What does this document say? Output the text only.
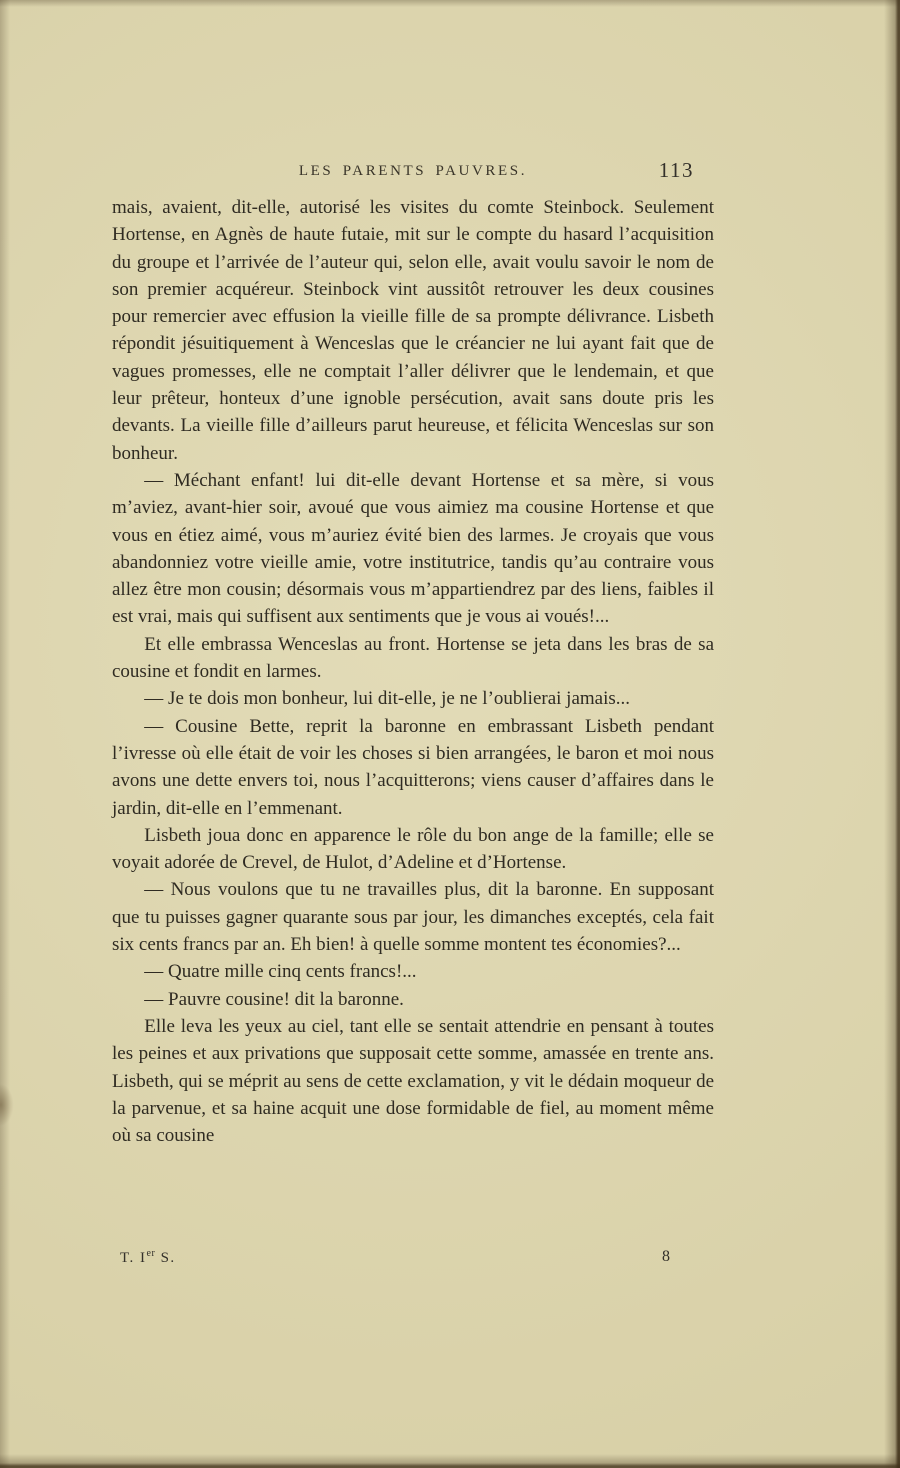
LES PARENTS PAUVRES.	113

mais, avaient, dit-elle, autorisé les visites du comte Steinbock. Seulement Hortense, en Agnès de haute futaie, mit sur le compte du hasard l’acquisition du groupe et l’arrivée de l’auteur qui, selon elle, avait voulu savoir le nom de son premier acquéreur. Steinbock vint aussitôt retrouver les deux cousines pour remercier avec effusion la vieille fille de sa prompte délivrance. Lisbeth répondit jésuitiquement à Wenceslas que le créancier ne lui ayant fait que de vagues promesses, elle ne comptait l’aller délivrer que le lendemain, et que leur prêteur, honteux d’une ignoble persécution, avait sans doute pris les devants. La vieille fille d’ailleurs parut heureuse, et félicita Wenceslas sur son bonheur.

— Méchant enfant! lui dit-elle devant Hortense et sa mère, si vous m’aviez, avant-hier soir, avoué que vous aimiez ma cousine Hortense et que vous en étiez aimé, vous m’auriez évité bien des larmes. Je croyais que vous abandonniez votre vieille amie, votre institutrice, tandis qu’au contraire vous allez être mon cousin; désormais vous m’appartiendrez par des liens, faibles il est vrai, mais qui suffisent aux sentiments que je vous ai voués!...

Et elle embrassa Wenceslas au front. Hortense se jeta dans les bras de sa cousine et fondit en larmes.

— Je te dois mon bonheur, lui dit-elle, je ne l’oublierai jamais...

— Cousine Bette, reprit la baronne en embrassant Lisbeth pendant l’ivresse où elle était de voir les choses si bien arrangées, le baron et moi nous avons une dette envers toi, nous l’acquitterons; viens causer d’affaires dans le jardin, dit-elle en l’emmenant.

Lisbeth joua donc en apparence le rôle du bon ange de la famille; elle se voyait adorée de Crevel, de Hulot, d’Adeline et d’Hortense.

— Nous voulons que tu ne travailles plus, dit la baronne. En supposant que tu puisses gagner quarante sous par jour, les dimanches exceptés, cela fait six cents francs par an. Eh bien! à quelle somme montent tes économies?...

— Quatre mille cinq cents francs!...

— Pauvre cousine! dit la baronne.

Elle leva les yeux au ciel, tant elle se sentait attendrie en pensant à toutes les peines et aux privations que supposait cette somme, amassée en trente ans. Lisbeth, qui se méprit au sens de cette exclamation, y vit le dédain moqueur de la parvenue, et sa haine acquit une dose formidable de fiel, au moment même où sa cousine

T. Ier S.	8
